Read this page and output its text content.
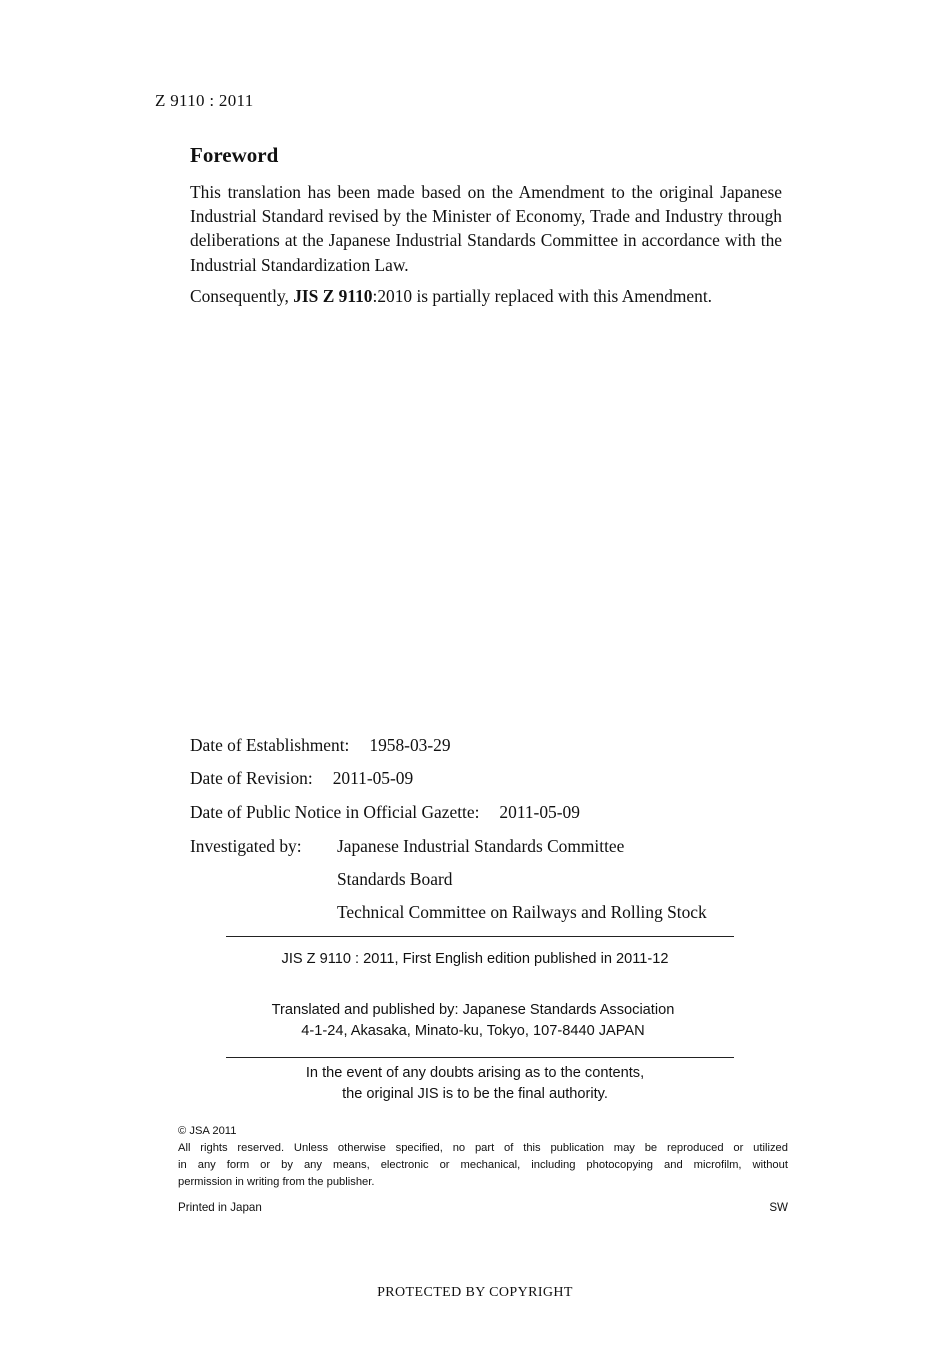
Z 9110 : 2011
Foreword

This translation has been made based on the Amendment to the original Japanese Industrial Standard revised by the Minister of Economy, Trade and Industry through deliberations at the Japanese Industrial Standards Committee in accordance with the Industrial Standardization Law.

Consequently, JIS Z 9110:2010 is partially replaced with this Amendment.

Date of Establishment: 1958-03-29
Date of Revision: 2011-05-09
Date of Public Notice in Official Gazette: 2011-05-09
Investigated by: Japanese Industrial Standards Committee
Standards Board
Technical Committee on Railways and Rolling Stock
JIS Z 9110 : 2011, First English edition published in 2011-12
Translated and published by: Japanese Standards Association
4-1-24, Akasaka, Minato-ku, Tokyo, 107-8440 JAPAN
In the event of any doubts arising as to the contents,
the original JIS is to be the final authority.
© JSA 2011
All rights reserved. Unless otherwise specified, no part of this publication may be reproduced or utilized
in any form or by any means, electronic or mechanical, including photocopying and microfilm, without
permission in writing from the publisher.
Printed in Japan	SW
PROTECTED BY COPYRIGHT
